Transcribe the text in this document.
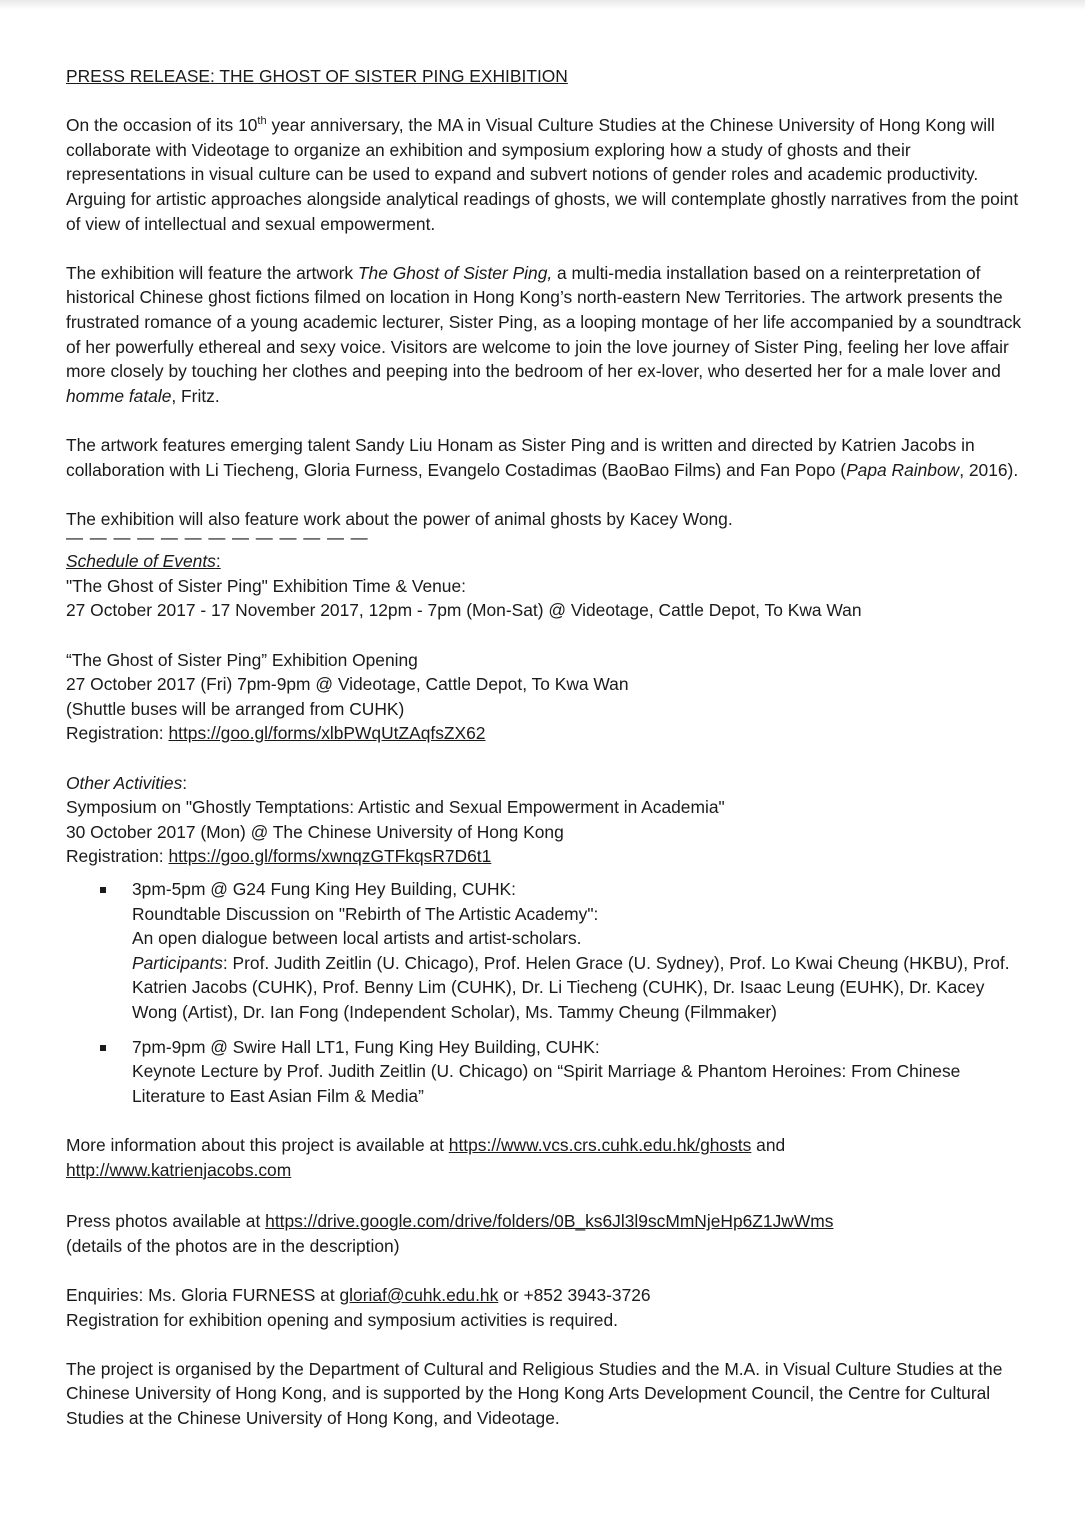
PRESS RELEASE: THE GHOST OF SISTER PING EXHIBITION

On the occasion of its 10th year anniversary, the MA in Visual Culture Studies at the Chinese University of Hong Kong will collaborate with Videotage to organize an exhibition and symposium exploring how a study of ghosts and their representations in visual culture can be used to expand and subvert notions of gender roles and academic productivity. Arguing for artistic approaches alongside analytical readings of ghosts, we will contemplate ghostly narratives from the point of view of intellectual and sexual empowerment.

The exhibition will feature the artwork The Ghost of Sister Ping, a multi-media installation based on a reinterpretation of historical Chinese ghost fictions filmed on location in Hong Kong’s north-eastern New Territories. The artwork presents the frustrated romance of a young academic lecturer, Sister Ping, as a looping montage of her life accompanied by a soundtrack of her powerfully ethereal and sexy voice. Visitors are welcome to join the love journey of Sister Ping, feeling her love affair more closely by touching her clothes and peeping into the bedroom of her ex-lover, who deserted her for a male lover and homme fatale, Fritz.

The artwork features emerging talent Sandy Liu Honam as Sister Ping and is written and directed by Katrien Jacobs in collaboration with Li Tiecheng, Gloria Furness, Evangelo Costadimas (BaoBao Films) and Fan Popo (Papa Rainbow, 2016).

The exhibition will also feature work about the power of animal ghosts by Kacey Wong.

— — — — — — — — — — — — —

Schedule of Events:

"The Ghost of Sister Ping" Exhibition Time & Venue:

27 October 2017 - 17 November 2017, 12pm - 7pm (Mon-Sat) @ Videotage, Cattle Depot, To Kwa Wan

“The Ghost of Sister Ping” Exhibition Opening

27 October 2017 (Fri) 7pm-9pm @ Videotage, Cattle Depot, To Kwa Wan

(Shuttle buses will be arranged from CUHK)

Registration: https://goo.gl/forms/xlbPWqUtZAqfsZX62

Other Activities:

Symposium on "Ghostly Temptations: Artistic and Sexual Empowerment in Academia"

30 October 2017 (Mon) @ The Chinese University of Hong Kong

Registration: https://goo.gl/forms/xwnqzGTFkqsR7D6t1

3pm-5pm @ G24 Fung King Hey Building, CUHK:

Roundtable Discussion on "Rebirth of The Artistic Academy":

An open dialogue between local artists and artist-scholars.

Participants: Prof. Judith Zeitlin (U. Chicago), Prof. Helen Grace (U. Sydney), Prof. Lo Kwai Cheung (HKBU), Prof. Katrien Jacobs (CUHK), Prof. Benny Lim (CUHK), Dr. Li Tiecheng (CUHK), Dr. Isaac Leung (EUHK), Dr. Kacey Wong (Artist), Dr. Ian Fong (Independent Scholar), Ms. Tammy Cheung (Filmmaker)

7pm-9pm @ Swire Hall LT1, Fung King Hey Building, CUHK:

Keynote Lecture by Prof. Judith Zeitlin (U. Chicago) on “Spirit Marriage & Phantom Heroines: From Chinese Literature to East Asian Film & Media”

More information about this project is available at https://www.vcs.crs.cuhk.edu.hk/ghosts and
http://www.katrienjacobs.com

Press photos available at https://drive.google.com/drive/folders/0B_ks6Jl3l9scMmNjeHp6Z1JwWms
(details of the photos are in the description)

Enquiries: Ms. Gloria FURNESS at gloriaf@cuhk.edu.hk or +852 3943-3726
Registration for exhibition opening and symposium activities is required.

The project is organised by the Department of Cultural and Religious Studies and the M.A. in Visual Culture Studies at the Chinese University of Hong Kong, and is supported by the Hong Kong Arts Development Council, the Centre for Cultural Studies at the Chinese University of Hong Kong, and Videotage.
